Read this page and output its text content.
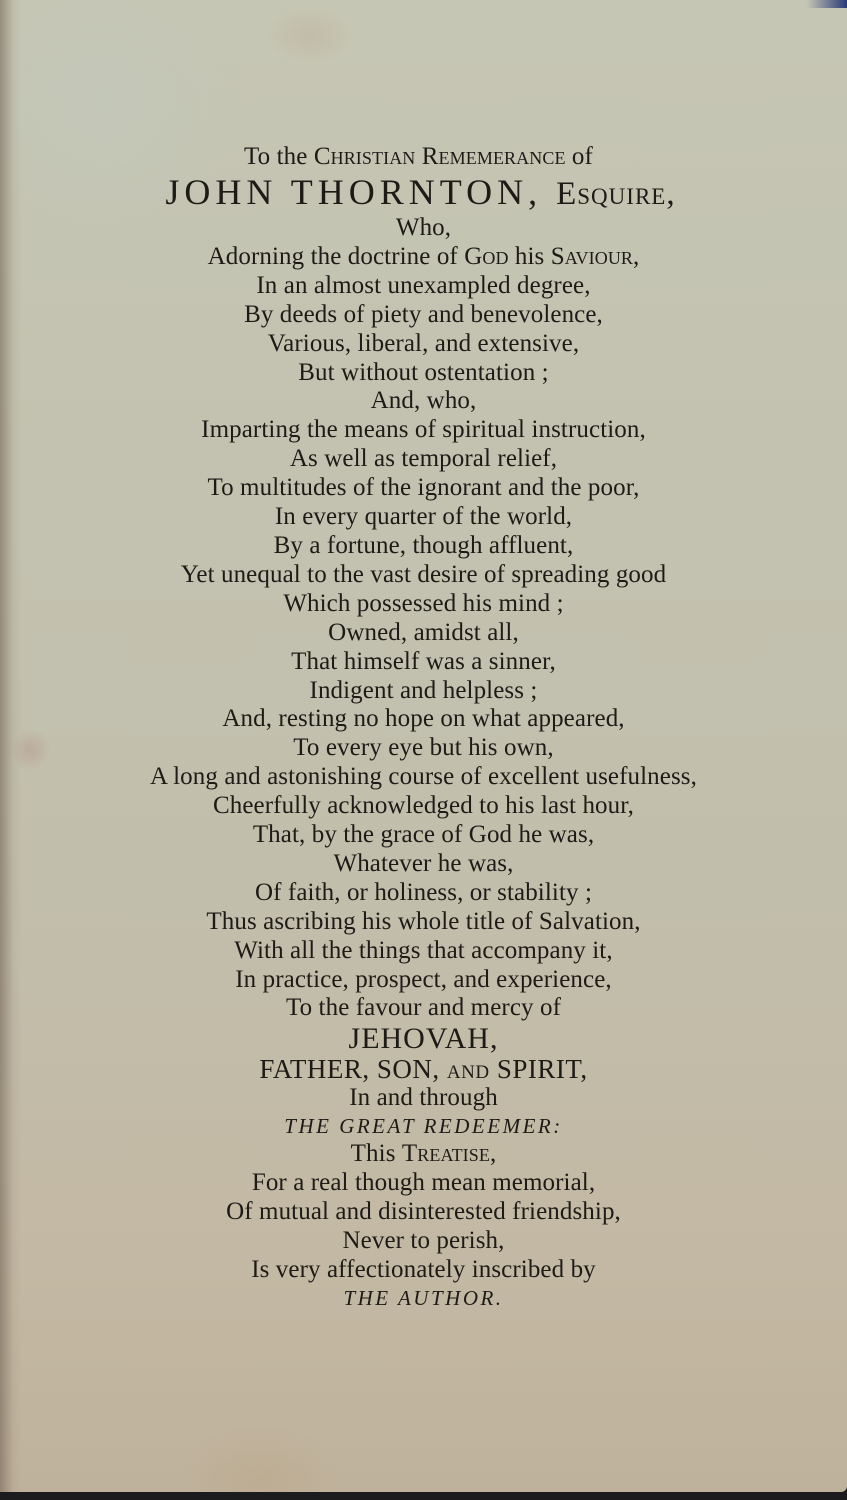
To the Christian Rememerance of
JOHN THORNTON, Esquire,
Who,
Adorning the doctrine of God his Saviour,
In an almost unexampled degree,
By deeds of piety and benevolence,
Various, liberal, and extensive,
But without ostentation ;
And, who,
Imparting the means of spiritual instruction,
As well as temporal relief,
To multitudes of the ignorant and the poor,
In every quarter of the world,
By a fortune, though affluent,
Yet unequal to the vast desire of spreading good
Which possessed his mind ;
Owned, amidst all,
That himself was a sinner,
Indigent and helpless ;
And, resting no hope on what appeared,
To every eye but his own,
A long and astonishing course of excellent usefulness,
Cheerfully acknowledged to his last hour,
That, by the grace of God he was,
Whatever he was,
Of faith, or holiness, or stability ;
Thus ascribing his whole title of Salvation,
With all the things that accompany it,
In practice, prospect, and experience,
To the favour and mercy of
JEHOVAH,
FATHER, SON, and SPIRIT,
In and through
THE GREAT REDEEMER:
This Treatise,
For a real though mean memorial,
Of mutual and disinterested friendship,
Never to perish,
Is very affectionately inscribed by
THE AUTHOR.
